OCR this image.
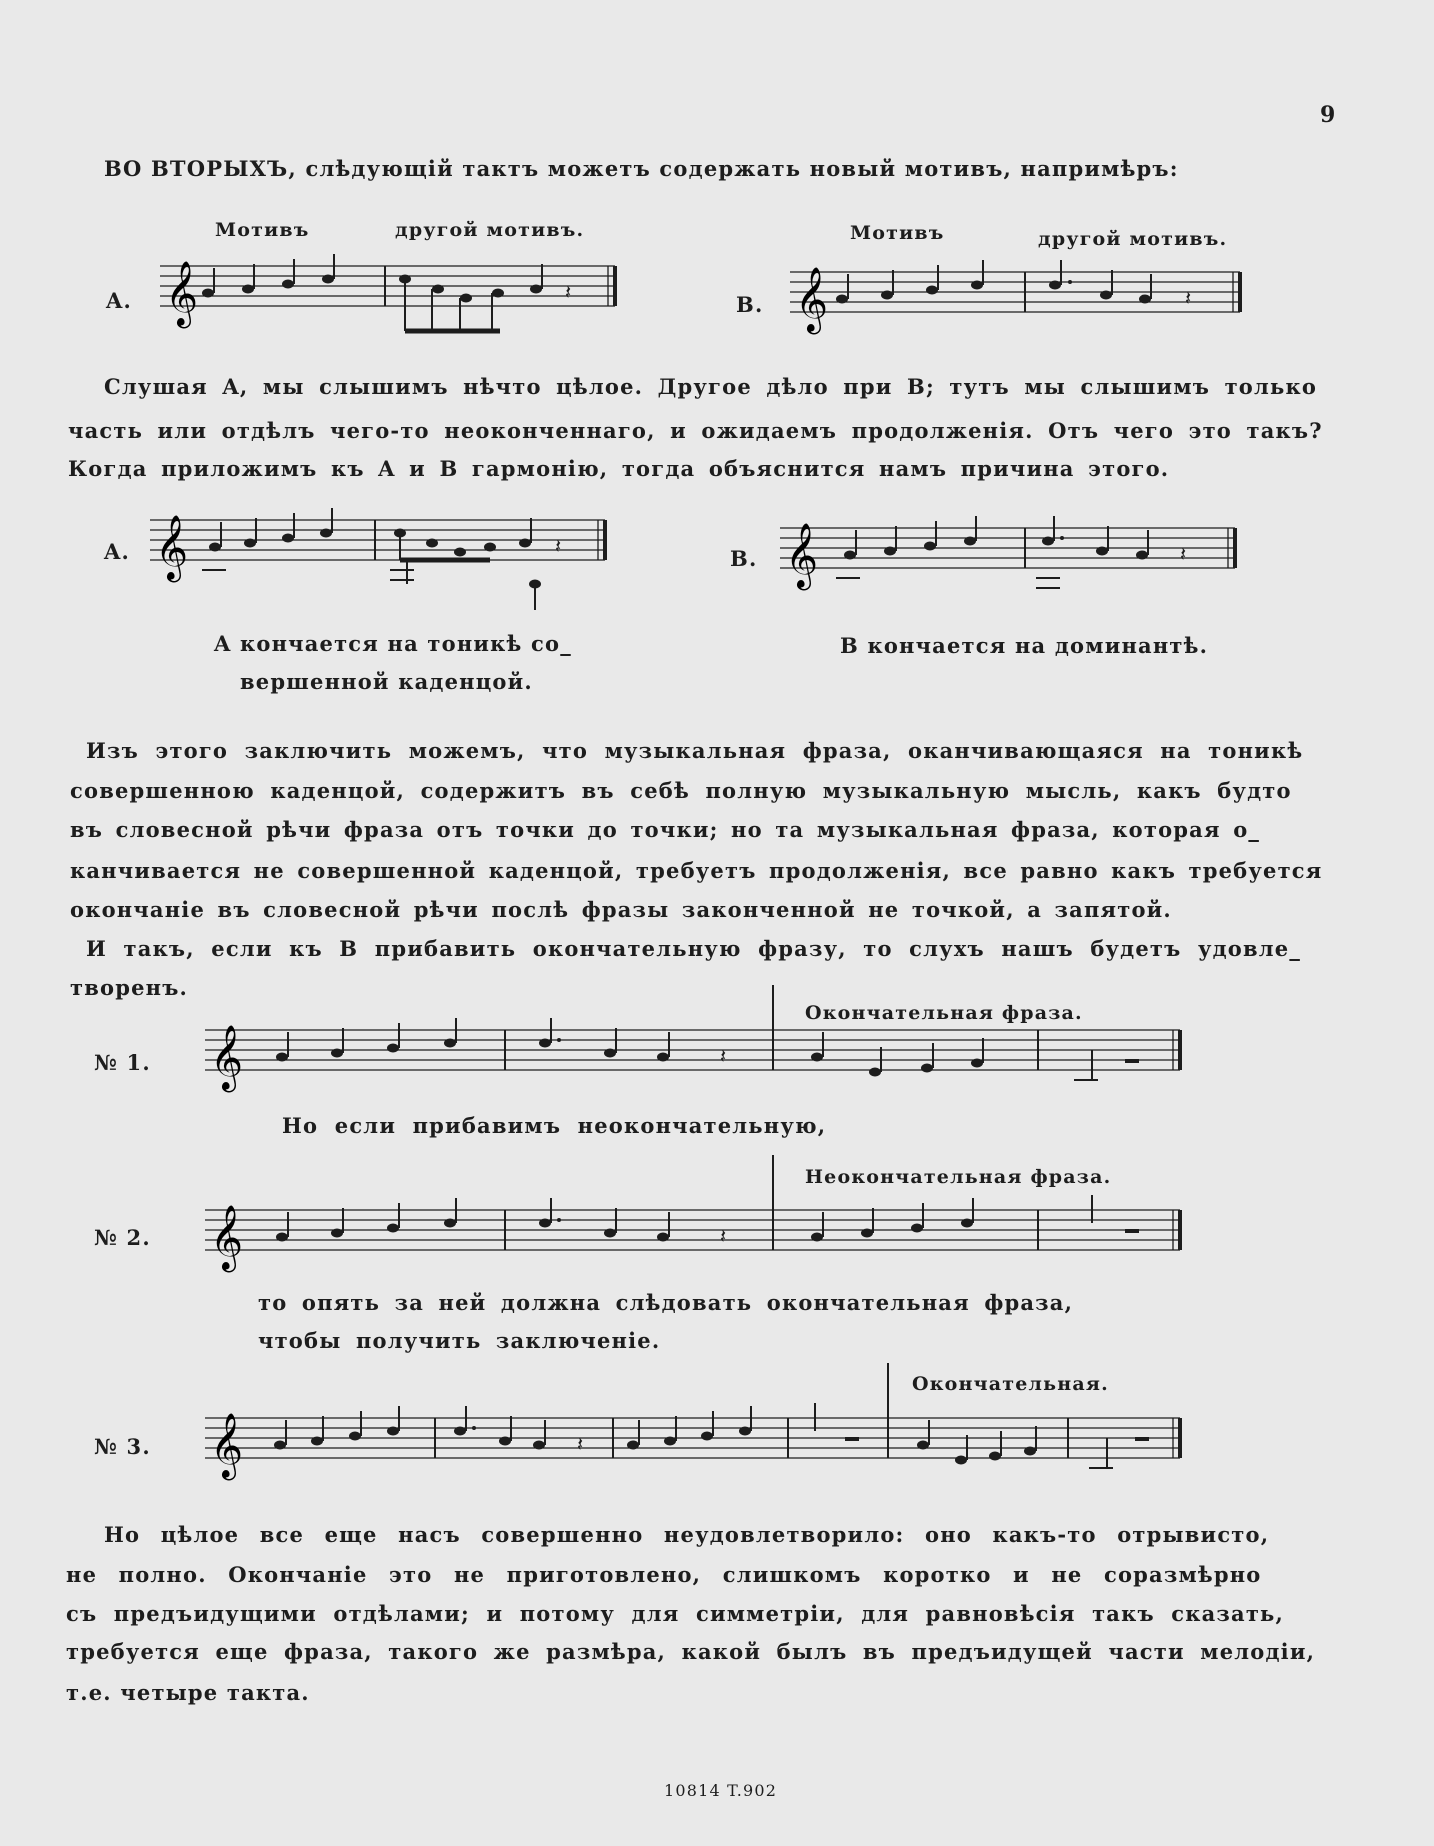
9
ВО ВТОРЫХЪ, слѣдующій тактъ можетъ содержать новый мотивъ, напримѣръ:
Мотивъ	другой мотивъ.	Мотивъ	другой мотивъ.
A.	B.
𝄞	𝄽	𝄞	𝄽
Слушая A, мы слышимъ нѣчто цѣлое. Другое дѣло при B; тутъ мы слышимъ только
часть или отдѣлъ чего-то неоконченнаго, и ожидаемъ продолженія. Отъ чего это такъ?
Когда приложимъ къ A и B гармонію, тогда объяснится намъ причина этого.
A.	B.
𝄞	𝄽	𝄞	𝄽
A кончается на тоникѣ со_
вершенной каденцой.
B кончается на доминантѣ.
Изъ этого заключить можемъ, что музыкальная фраза, оканчивающаяся на тоникѣ
совершенною каденцой, содержитъ въ себѣ полную музыкальную мысль, какъ будто
въ словесной рѣчи фраза отъ точки до точки; но та музыкальная фраза, которая о_
канчивается не совершенной каденцой, требуетъ продолженія, все равно какъ требуется
окончаніе въ словесной рѣчи послѣ фразы законченной не точкой, а запятой.
И такъ, если къ B прибавить окончательную фразу, то слухъ нашъ будетъ удовле_
творенъ.
Окончательная фраза.
№ 1. 𝄞	𝄽
Но если прибавимъ неокончательную,
Неокончательная фраза.
№ 2. 𝄞	𝄽
то опять за ней должна слѣдовать окончательная фраза,
чтобы получить заключеніе.
Окончательная.
№ 3. 𝄞	𝄽
Но цѣлое все еще насъ совершенно неудовлетворило: оно какъ-то отрывисто,
не полно. Окончаніе это не приготовлено, слишкомъ коротко и не соразмѣрно
съ предъидущими отдѣлами; и потому для симметріи, для равновѣсія такъ сказать,
требуется еще фраза, такого же размѣра, какой былъ въ предъидущей части мелодіи,
т.е. четыре такта.
10814 T.902
